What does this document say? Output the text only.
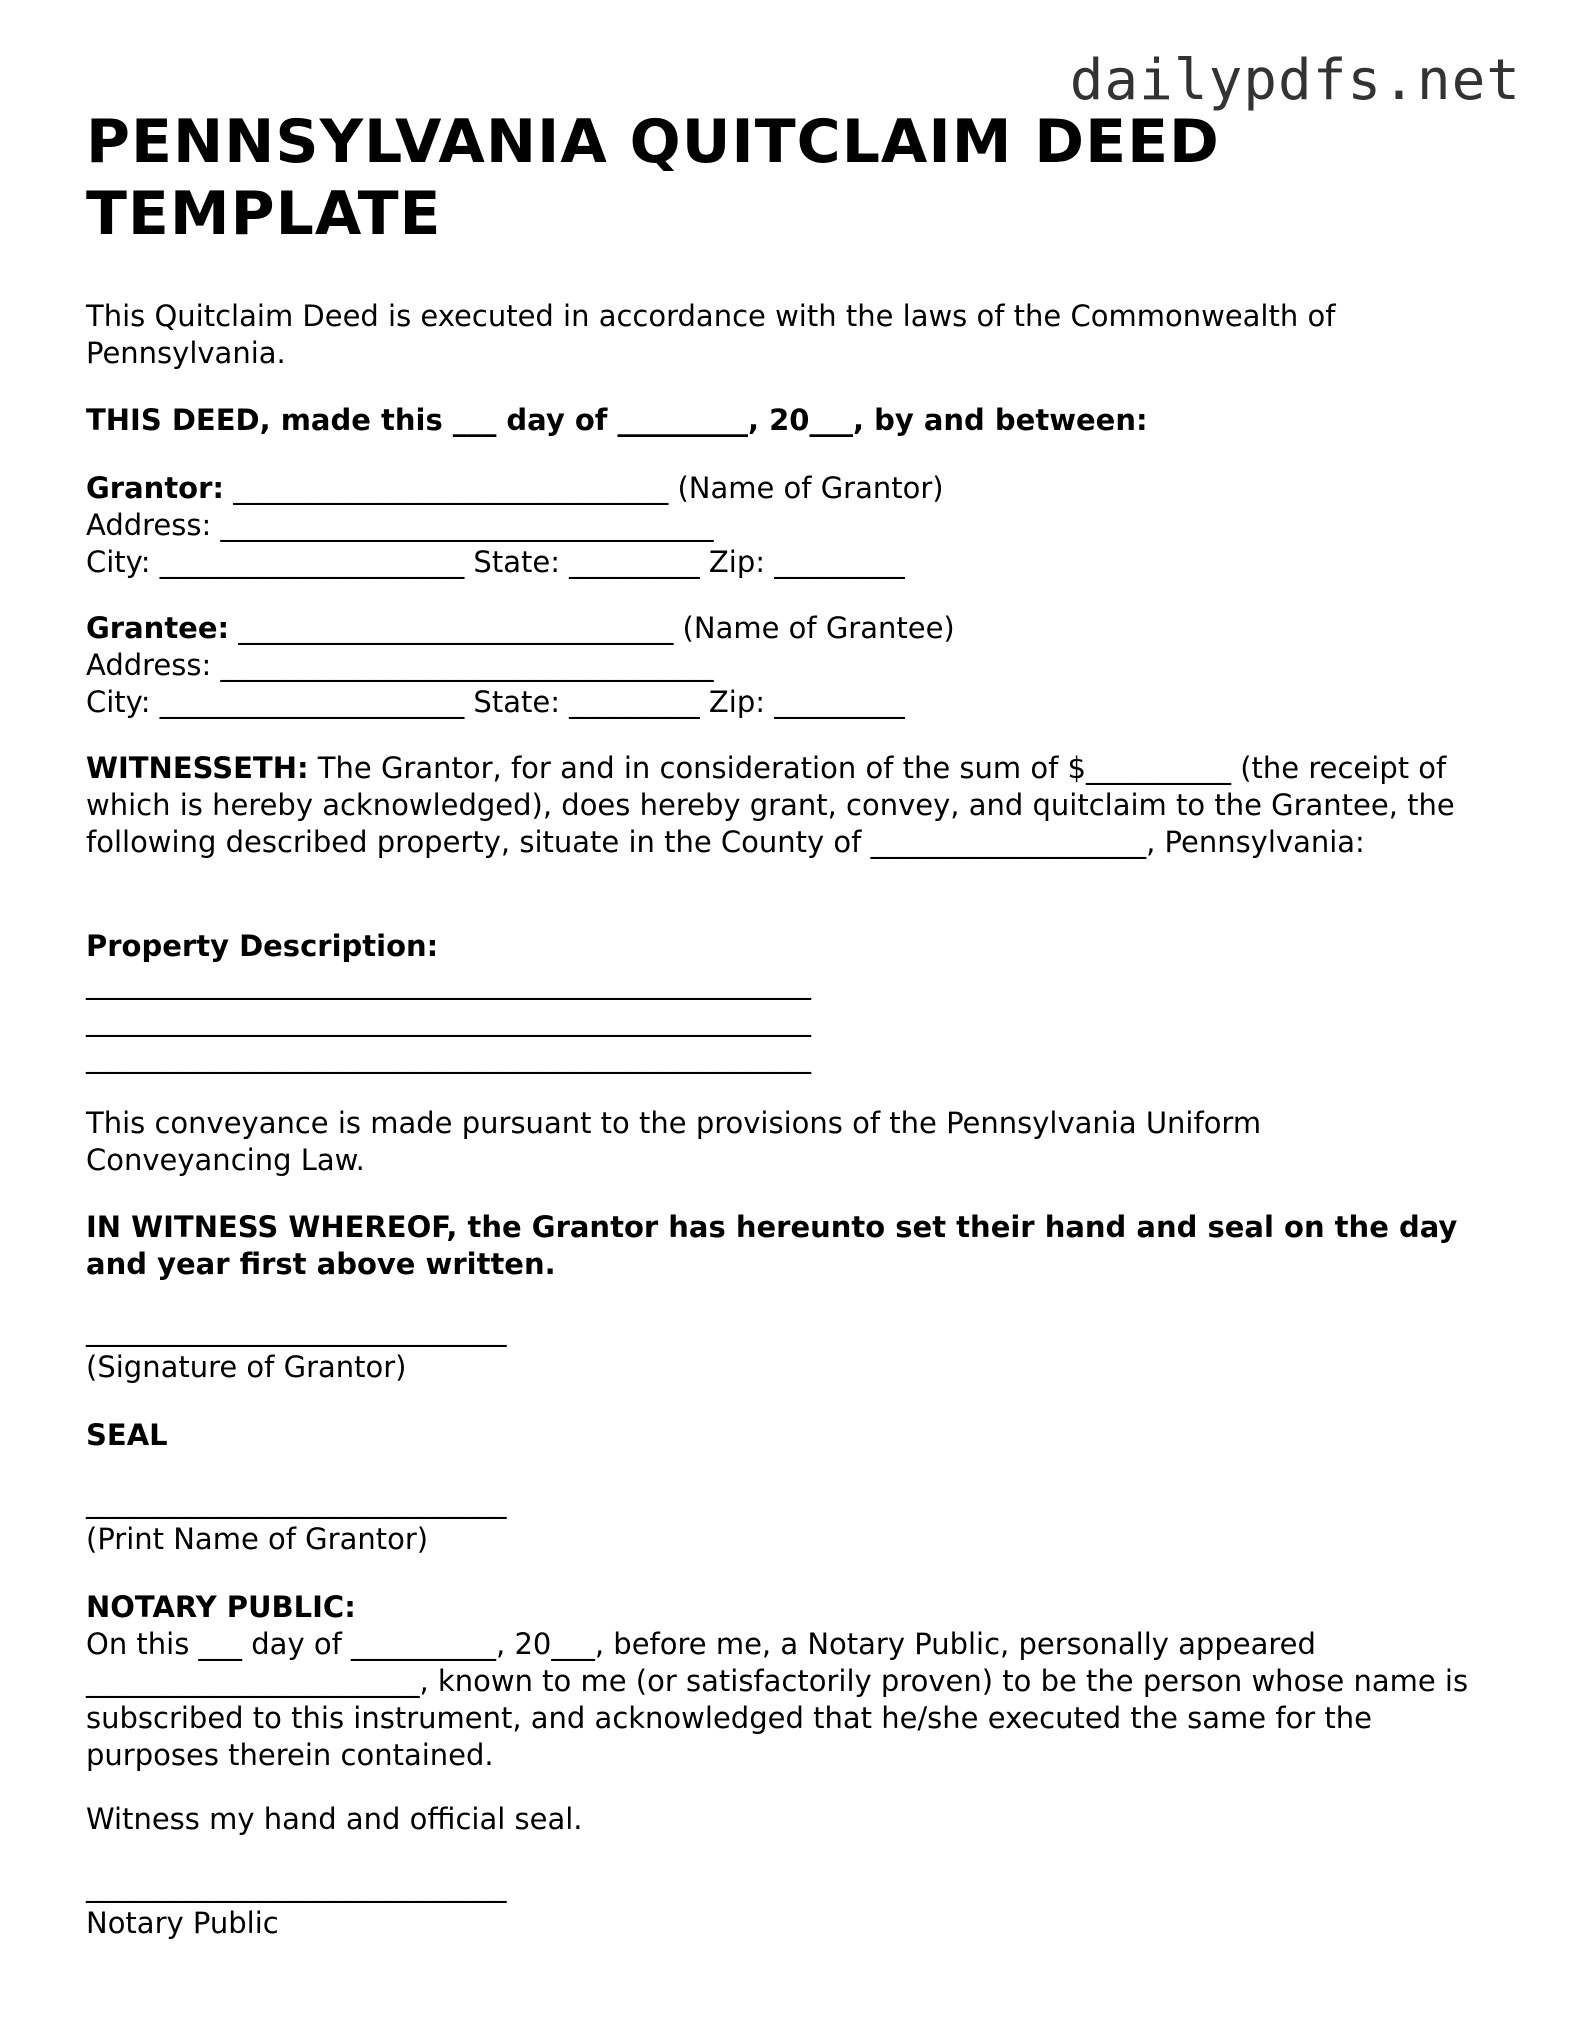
dailypdfs.net
PENNSYLVANIA QUITCLAIM DEED TEMPLATE

This Quitclaim Deed is executed in accordance with the laws of the Commonwealth of Pennsylvania.

THIS DEED, made this ___ day of _________, 20___, by and between:

Grantor: ______________________________ (Name of Grantor)
Address: __________________________________
City: _____________________ State: _________ Zip: _________
Grantee: ______________________________ (Name of Grantee)
Address: __________________________________
City: _____________________ State: _________ Zip: _________

WITNESSETH: The Grantor, for and in consideration of the sum of $__________ (the receipt of which is hereby acknowledged), does hereby grant, convey, and quitclaim to the Grantee, the following described property, situate in the County of ___________________, Pennsylvania:

Property Description:
__________________________________________________
__________________________________________________
__________________________________________________

This conveyance is made pursuant to the provisions of the Pennsylvania Uniform Conveyancing Law.

IN WITNESS WHEREOF, the Grantor has hereunto set their hand and seal on the day and year first above written.

_____________________________
(Signature of Grantor)

SEAL

_____________________________
(Print Name of Grantor)
NOTARY PUBLIC:

On this ___ day of __________, 20___, before me, a Notary Public, personally appeared _______________________, known to me (or satisfactorily proven) to be the person whose name is subscribed to this instrument, and acknowledged that he/she executed the same for the purposes therein contained.

Witness my hand and official seal.

_____________________________
Notary Public
